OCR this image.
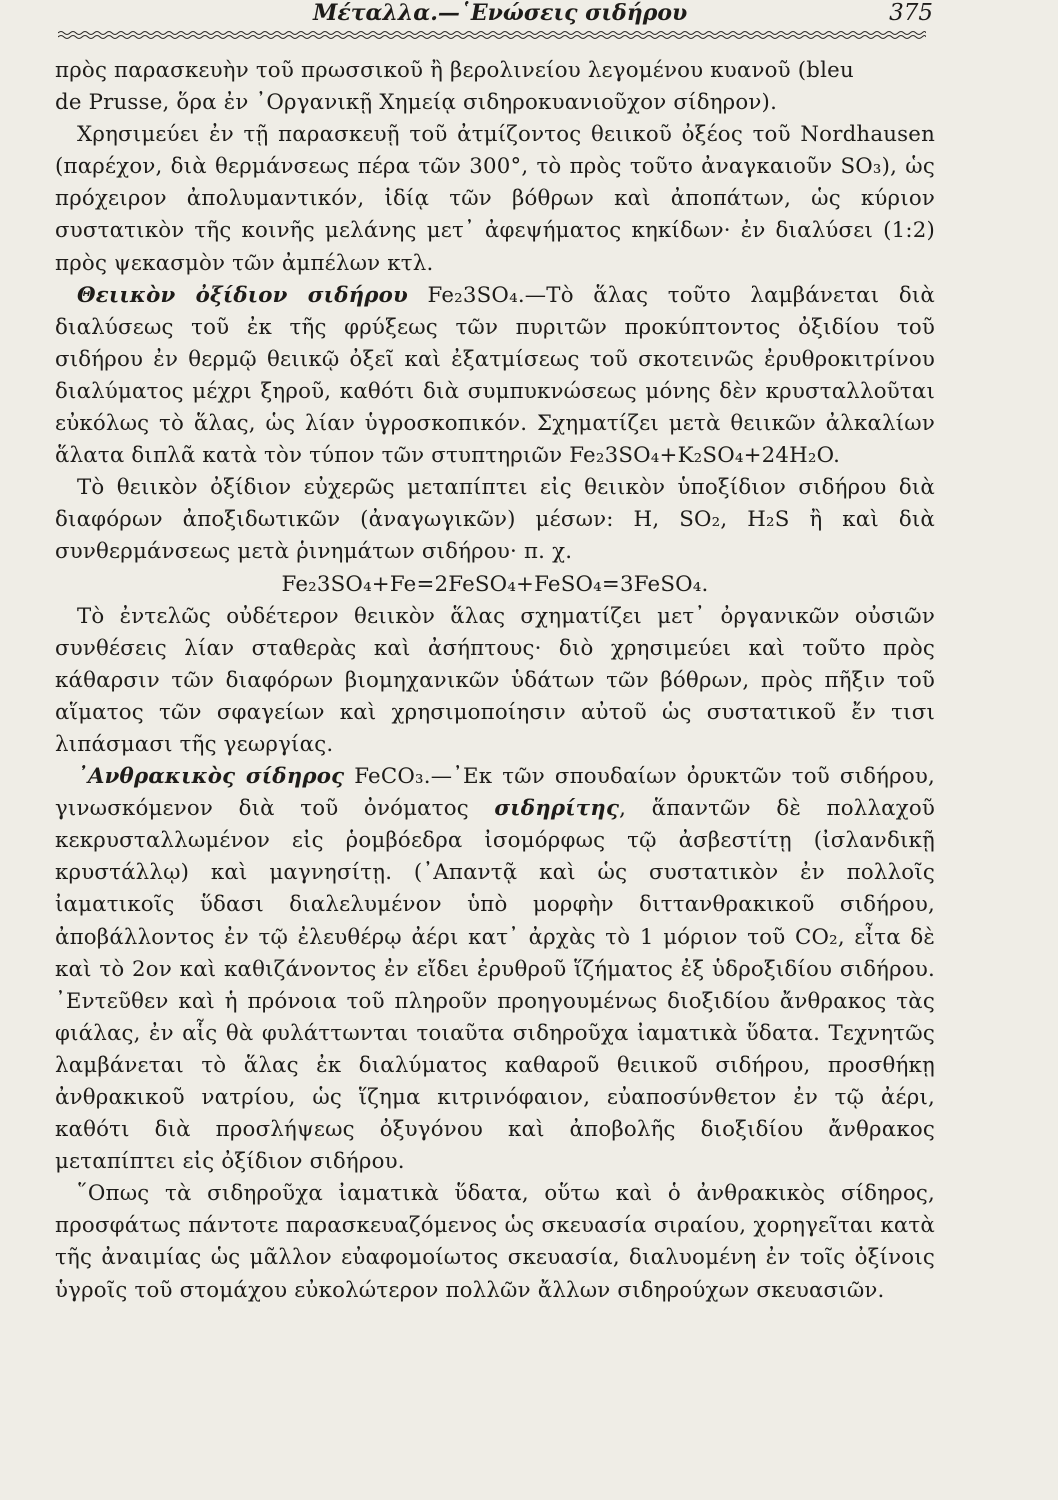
Μέταλλα.—῾Ενώσεις σιδήρου	375

πρὸς παρασκευὴν τοῦ πρωσσικοῦ ἢ βερολινείου λεγομένου κυανοῦ (bleu
de Prusse, ὅρα ἐν ᾽Οργανικῇ Χημείᾳ σιδηροκυανιοῦχον σίδηρον).

Χρησιμεύει ἐν τῇ παρασκευῇ τοῦ ἀτμίζοντος θειικοῦ ὀξέος τοῦ Nordhausen (παρέχον, διὰ θερμάνσεως πέρα τῶν 300°, τὸ πρὸς τοῦτο ἀναγκαιοῦν SO₃), ὡς πρόχειρον ἀπολυμαντικόν, ἰδίᾳ τῶν βόθρων καὶ ἀποπάτων, ὡς κύριον συστατικὸν τῆς κοινῆς μελάνης μετ᾽ ἀφεψήματος κηκίδων· ἐν διαλύσει (1:2) πρὸς ψεκασμὸν τῶν ἀμπέλων κτλ.

Θειικὸν ὀξίδιον σιδήρου Fe₂3SO₄.—Τὸ ἅλας τοῦτο λαμβάνεται διὰ διαλύσεως τοῦ ἐκ τῆς φρύξεως τῶν πυριτῶν προκύπτοντος ὀξιδίου τοῦ σιδήρου ἐν θερμῷ θειικῷ ὀξεῖ καὶ ἐξατμίσεως τοῦ σκοτεινῶς ἐρυθροκιτρίνου διαλύματος μέχρι ξηροῦ, καθότι διὰ συμπυκνώσεως μόνης δὲν κρυσταλλοῦται εὐκόλως τὸ ἅλας, ὡς λίαν ὑγροσκοπικόν. Σχηματίζει μετὰ θειικῶν ἀλκαλίων ἅλατα διπλᾶ κατὰ τὸν τύπον τῶν στυπτηριῶν Fe₂3SO₄+K₂SO₄+24H₂O.

Τὸ θειικὸν ὀξίδιον εὐχερῶς μεταπίπτει εἰς θειικὸν ὑποξίδιον σιδήρου διὰ διαφόρων ἀποξιδωτικῶν (ἀναγωγικῶν) μέσων: H, SO₂, H₂S ἢ καὶ διὰ συνθερμάνσεως μετὰ ῥινημάτων σιδήρου· π. χ.

Fe₂3SO₄+Fe=2FeSO₄+FeSO₄=3FeSO₄.

Τὸ ἐντελῶς οὐδέτερον θειικὸν ἅλας σχηματίζει μετ᾽ ὀργανικῶν οὐσιῶν συνθέσεις λίαν σταθερὰς καὶ ἀσήπτους· διὸ χρησιμεύει καὶ τοῦτο πρὸς κάθαρσιν τῶν διαφόρων βιομηχανικῶν ὑδάτων τῶν βόθρων, πρὸς πῆξιν τοῦ αἵματος τῶν σφαγείων καὶ χρησιμοποίησιν αὐτοῦ ὡς συστατικοῦ ἔν τισι λιπάσμασι τῆς γεωργίας.

᾽Ανθρακικὸς σίδηρος FeCO₃.—᾽Εκ τῶν σπουδαίων ὀρυκτῶν τοῦ σιδήρου, γινωσκόμενον διὰ τοῦ ὀνόματος σιδηρίτης, ἅπαντῶν δὲ πολλαχοῦ κεκρυσταλλωμένον εἰς ῥομβόεδρα ἰσομόρφως τῷ ἀσβεστίτῃ (ἰσλανδικῇ κρυστάλλῳ) καὶ μαγνησίτῃ. (᾽Απαντᾷ καὶ ὡς συστατικὸν ἐν πολλοῖς ἰαματικοῖς ὕδασι διαλελυμένον ὑπὸ μορφὴν διττανθρακικοῦ σιδήρου, ἀποβάλλοντος ἐν τῷ ἐλευθέρῳ ἀέρι κατ᾽ ἀρχὰς τὸ 1 μόριον τοῦ CO₂, εἶτα δὲ καὶ τὸ 2ον καὶ καθιζάνοντος ἐν εἴδει ἐρυθροῦ ἵζήματος ἐξ ὑδροξιδίου σιδήρου. ᾽Εντεῦθεν καὶ ἡ πρόνοια τοῦ πληροῦν προηγουμένως διοξιδίου ἄνθρακος τὰς φιάλας, ἐν αἷς θὰ φυλάττωνται τοιαῦτα σιδηροῦχα ἰαματικὰ ὕδατα. Τεχνητῶς λαμβάνεται τὸ ἅλας ἐκ διαλύματος καθαροῦ θειικοῦ σιδήρου, προσθήκῃ ἀνθρακικοῦ νατρίου, ὡς ἵζημα κιτρινόφαιον, εὐαποσύνθετον ἐν τῷ ἀέρι, καθότι διὰ προσλήψεως ὀξυγόνου καὶ ἀποβολῆς διοξιδίου ἄνθρακος μεταπίπτει εἰς ὀξίδιον σιδήρου.

῞Οπως τὰ σιδηροῦχα ἰαματικὰ ὕδατα, οὕτω καὶ ὁ ἀνθρακικὸς σίδηρος, προσφάτως πάντοτε παρασκευαζόμενος ὡς σκευασία σιραίου, χορηγεῖται κατὰ τῆς ἀναιμίας ὡς μᾶλλον εὐαφομοίωτος σκευασία, διαλυομένη ἐν τοῖς ὀξίνοις ὑγροῖς τοῦ στομάχου εὐκολώτερον πολλῶν ἄλλων σιδηρούχων σκευασιῶν.
